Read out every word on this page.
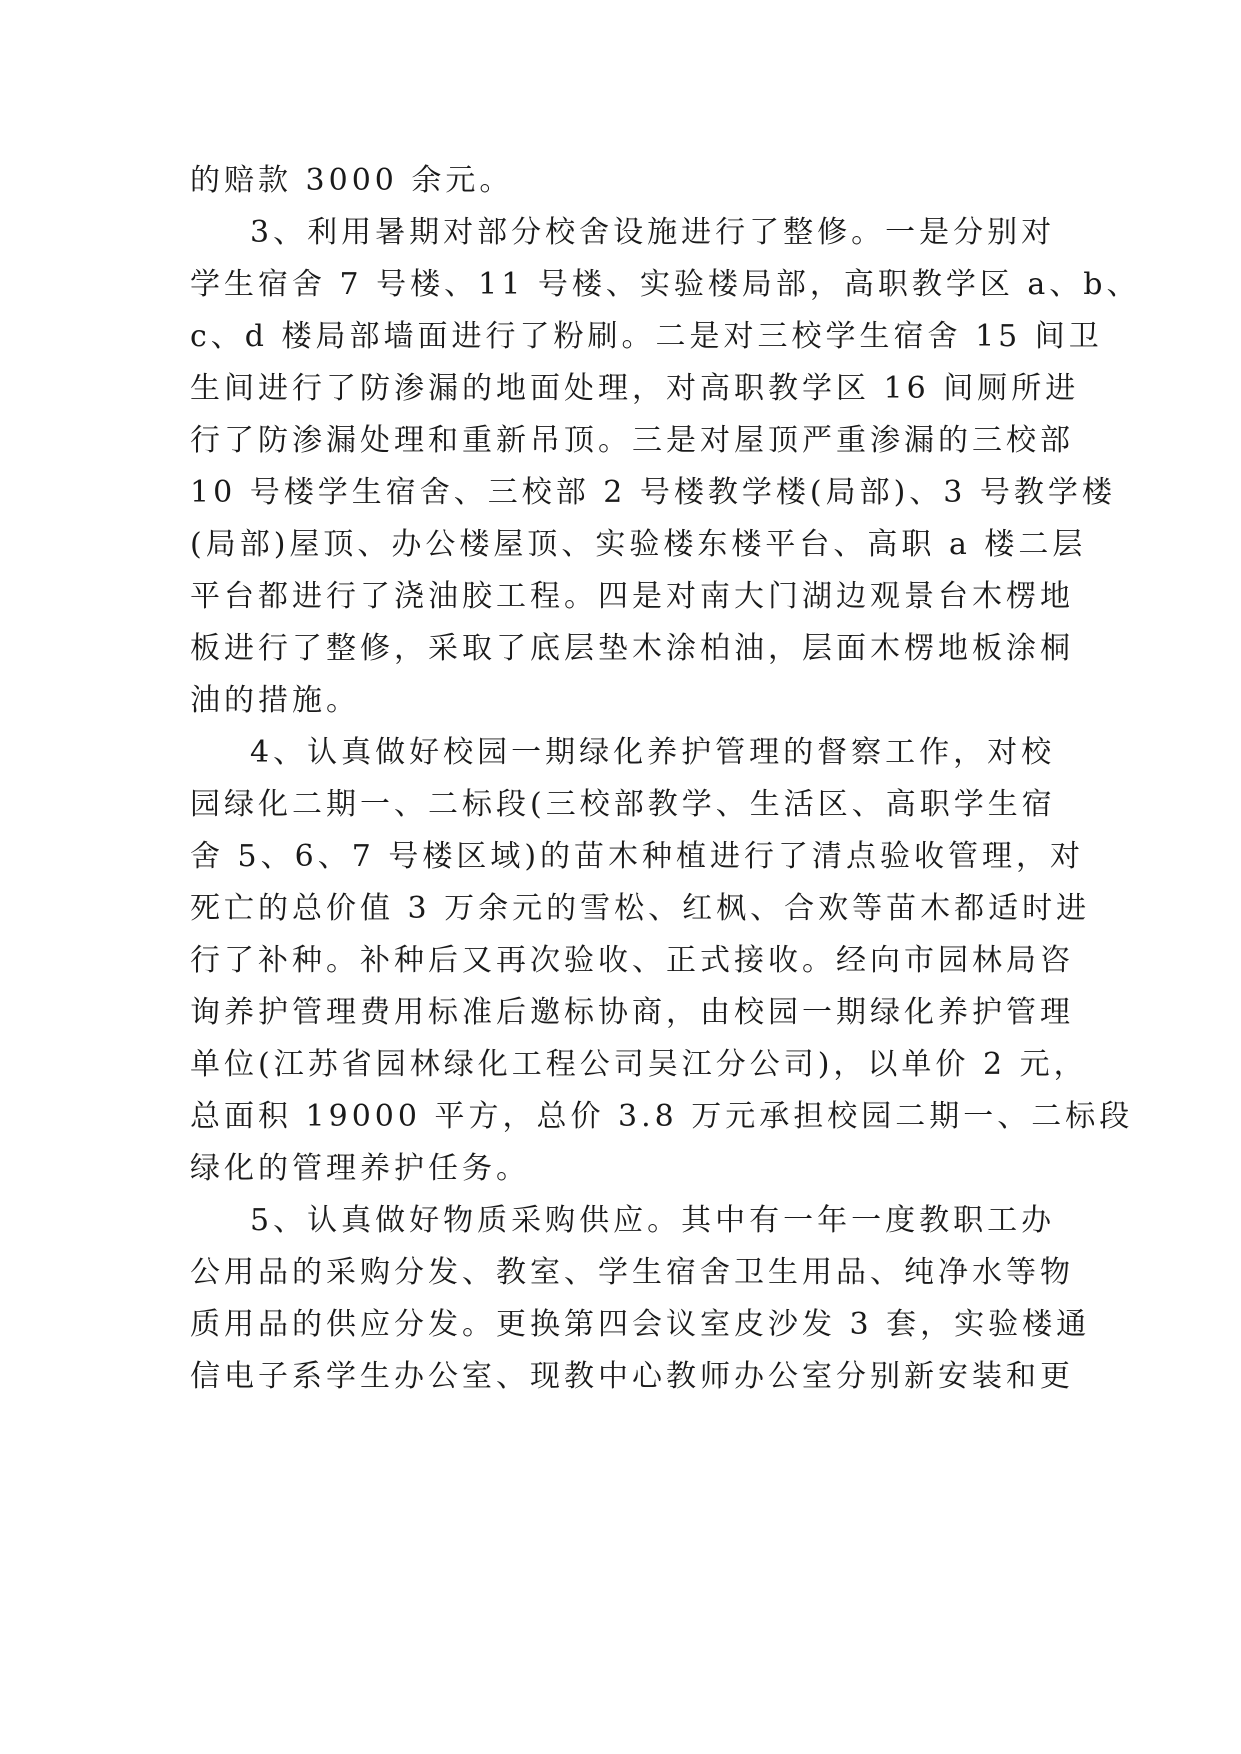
的赔款 3000 余元。
3、利用暑期对部分校舍设施进行了整修。一是分别对
学生宿舍 7 号楼、11 号楼、实验楼局部，高职教学区 a、b、
c、d 楼局部墙面进行了粉刷。二是对三校学生宿舍 15 间卫
生间进行了防渗漏的地面处理，对高职教学区 16 间厕所进
行了防渗漏处理和重新吊顶。三是对屋顶严重渗漏的三校部
10 号楼学生宿舍、三校部 2 号楼教学楼(局部)、3 号教学楼
(局部)屋顶、办公楼屋顶、实验楼东楼平台、高职 a 楼二层
平台都进行了浇油胶工程。四是对南大门湖边观景台木楞地
板进行了整修，采取了底层垫木涂柏油，层面木楞地板涂桐
油的措施。
4、认真做好校园一期绿化养护管理的督察工作，对校
园绿化二期一、二标段(三校部教学、生活区、高职学生宿
舍 5、6、7 号楼区域)的苗木种植进行了清点验收管理，对
死亡的总价值 3 万余元的雪松、红枫、合欢等苗木都适时进
行了补种。补种后又再次验收、正式接收。经向市园林局咨
询养护管理费用标准后邀标协商，由校园一期绿化养护管理
单位(江苏省园林绿化工程公司吴江分公司)，以单价 2 元，
总面积 19000 平方，总价 3.8 万元承担校园二期一、二标段
绿化的管理养护任务。
5、认真做好物质采购供应。其中有一年一度教职工办
公用品的采购分发、教室、学生宿舍卫生用品、纯净水等物
质用品的供应分发。更换第四会议室皮沙发 3 套，实验楼通
信电子系学生办公室、现教中心教师办公室分别新安装和更
